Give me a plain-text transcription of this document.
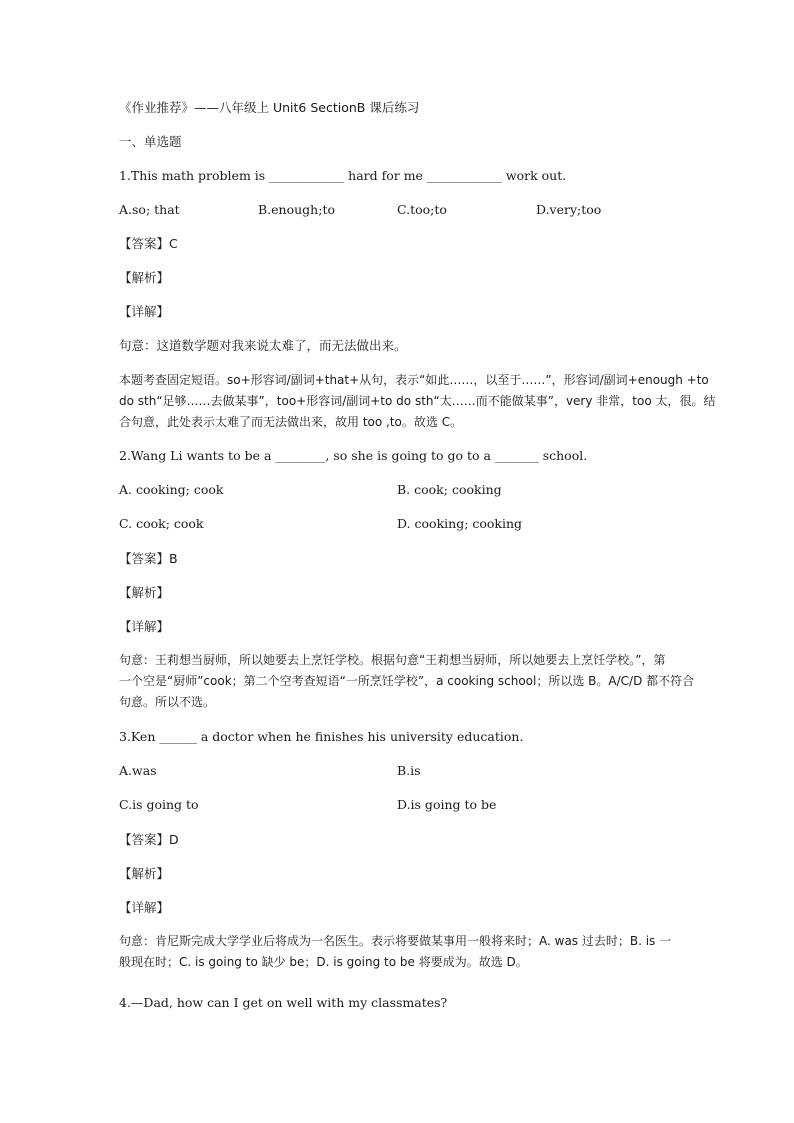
《作业推荐》——八年级上 Unit6 SectionB 课后练习
一、单选题
1.This math problem is ____________ hard for me ____________ work out.
A.so; that	B.enough;to	C.too;to	D.very;too
【答案】C
【解析】
【详解】
句意：这道数学题对我来说太难了，而无法做出来。
本题考查固定短语。so+形容词/副词+that+从句，表示“如此……，以至于……”，形容词/副词+enough +to
do sth“足够……去做某事”，too+形容词/副词+to do sth“太……而不能做某事”，very 非常，too 太，很。结
合句意，此处表示太难了而无法做出来，故用 too ,to。故选 C。
2.Wang Li wants to be a ________, so she is going to go to a _______ school.
A. cooking; cook	B. cook; cooking
C. cook; cook	D. cooking; cooking
【答案】B
【解析】
【详解】
句意：王莉想当厨师，所以她要去上烹饪学校。根据句意“王莉想当厨师，所以她要去上烹饪学校。”，第
一个空是“厨师”cook；第二个空考查短语“一所烹饪学校”，a cooking school；所以选 B。A/C/D 都不符合
句意。所以不选。
3.Ken ______ a doctor when he finishes his university education.
A.was	B.is
C.is going to	D.is going to be
【答案】D
【解析】
【详解】
句意：肯尼斯完成大学学业后将成为一名医生。表示将要做某事用一般将来时；A. was 过去时；B. is 一
般现在时；C. is going to 缺少 be；D. is going to be 将要成为。故选 D。
4.—Dad, how can I get on well with my classmates?
